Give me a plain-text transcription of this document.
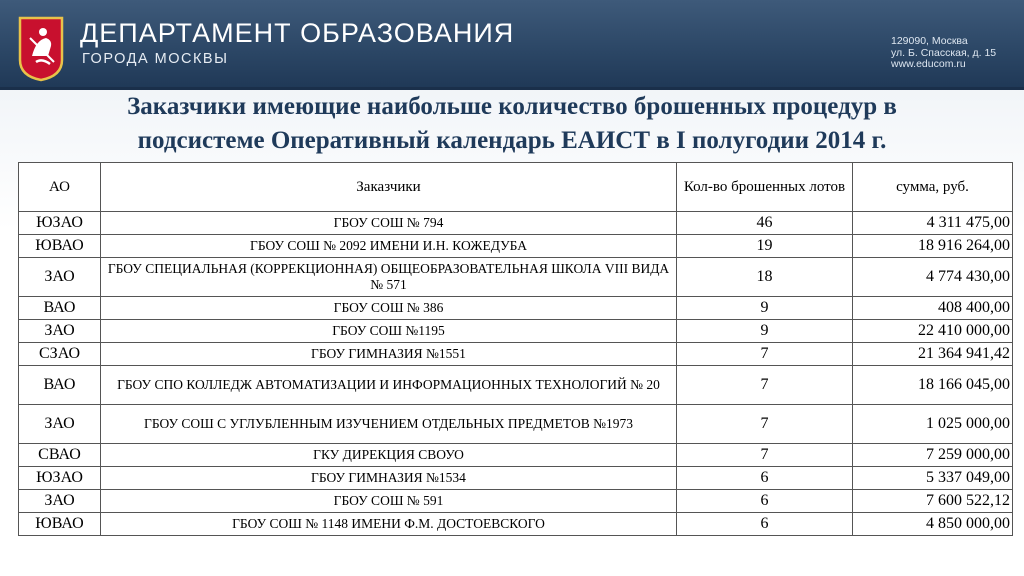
ДЕПАРТАМЕНТ ОБРАЗОВАНИЯ
ГОРОДА МОСКВЫ
129090, Москва
ул. Б. Спасская, д. 15
www.educom.ru
Заказчики имеющие наибольше количество брошенных процедур в
подсистеме Оперативный календарь ЕАИСТ в I полугодии 2014 г.
АО	Заказчики	Кол-во брошенных лотов	сумма, руб.
ЮЗАО	ГБОУ СОШ № 794	46	4 311 475,00
ЮВАО	ГБОУ СОШ № 2092 ИМЕНИ И.Н. КОЖЕДУБА	19	18 916 264,00
ЗАО	ГБОУ СПЕЦИАЛЬНАЯ (КОРРЕКЦИОННАЯ) ОБЩЕОБРАЗОВАТЕЛЬНАЯ ШКОЛА VIII ВИДА № 571	18	4 774 430,00
ВАО	ГБОУ СОШ № 386	9	408 400,00
ЗАО	ГБОУ СОШ №1195	9	22 410 000,00
СЗАО	ГБОУ ГИМНАЗИЯ №1551	7	21 364 941,42
ВАО	ГБОУ СПО КОЛЛЕДЖ АВТОМАТИЗАЦИИ И ИНФОРМАЦИОННЫХ ТЕХНОЛОГИЙ № 20	7	18 166 045,00
ЗАО	ГБОУ СОШ С УГЛУБЛЕННЫМ ИЗУЧЕНИЕМ ОТДЕЛЬНЫХ ПРЕДМЕТОВ №1973	7	1 025 000,00
СВАО	ГКУ ДИРЕКЦИЯ СВОУО	7	7 259 000,00
ЮЗАО	ГБОУ ГИМНАЗИЯ №1534	6	5 337 049,00
ЗАО	ГБОУ СОШ № 591	6	7 600 522,12
ЮВАО	ГБОУ СОШ № 1148 ИМЕНИ Ф.М. ДОСТОЕВСКОГО	6	4 850 000,00
